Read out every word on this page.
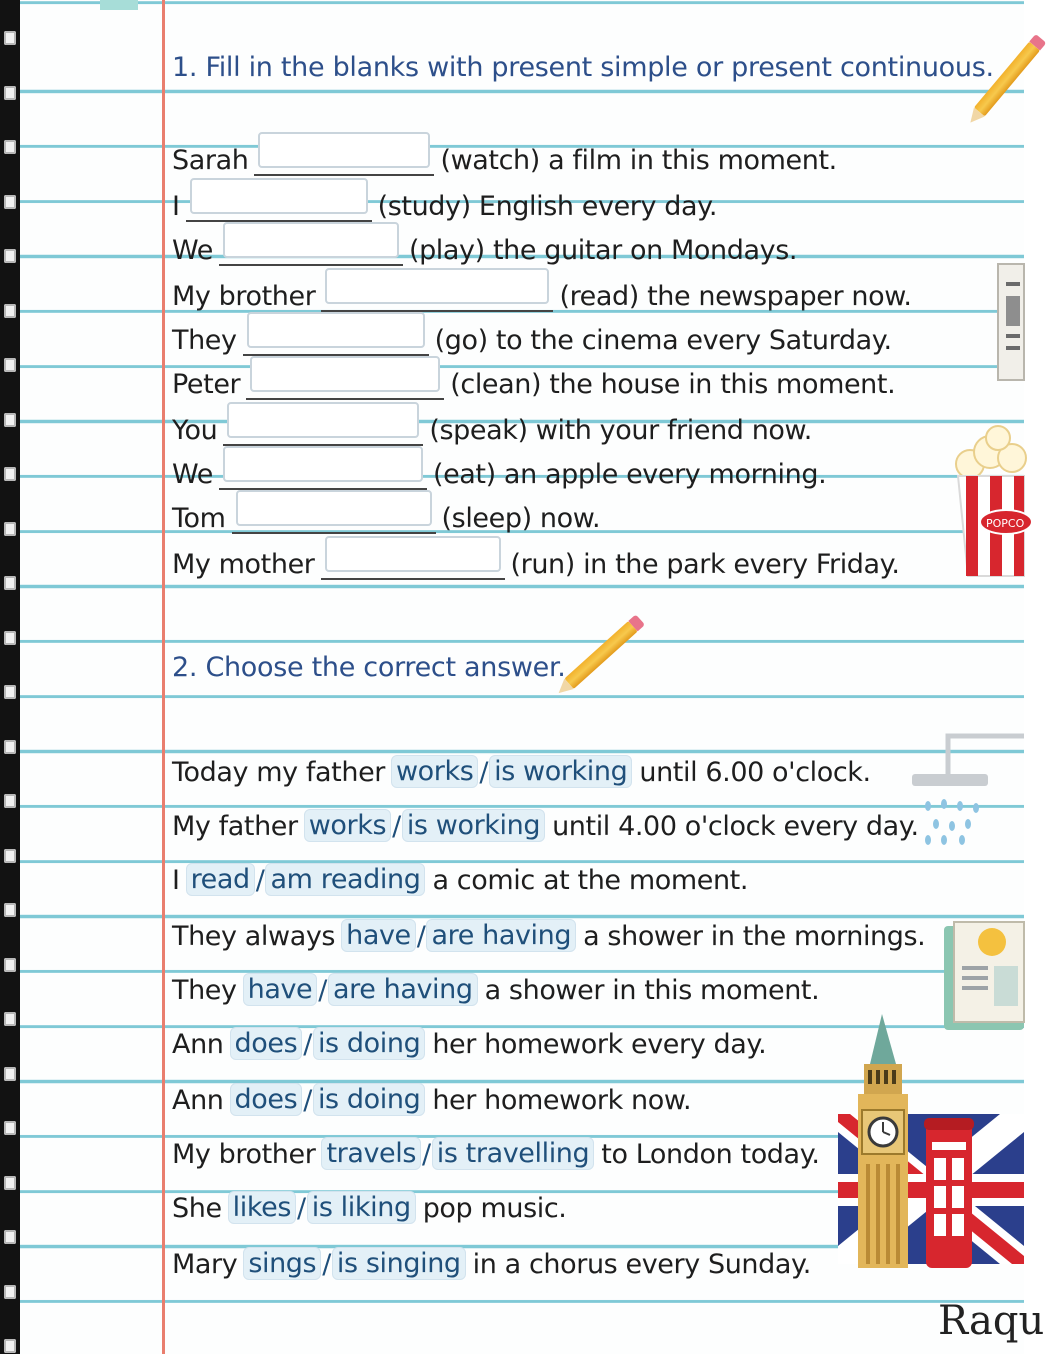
1. Fill in the blanks with present simple or present continuous.
Sarah	(watch) a film in this moment.
I	(study) English every day.
We	(play) the guitar on Mondays.
My brother	(read) the newspaper now.
They	(go) to the cinema every Saturday.
Peter	(clean) the house in this moment.
You	(speak) with your friend now.
We	(eat) an apple every morning.
Tom	(sleep) now.
My mother	(run) in the park every Friday.
POPCO
2. Choose the correct answer.
Today my father works / is working until 6.00 o'clock.
My father works / is working until 4.00 o'clock every day.
I read / am reading a comic at the moment.
They always have / are having a shower in the mornings.
They have / are having a shower in this moment.
Ann does / is doing her homework every day.
Ann does / is doing her homework now.
My brother travels / is travelling to London today.
She likes / is liking pop music.
Mary sings / is singing in a chorus every Sunday.
Raqu
